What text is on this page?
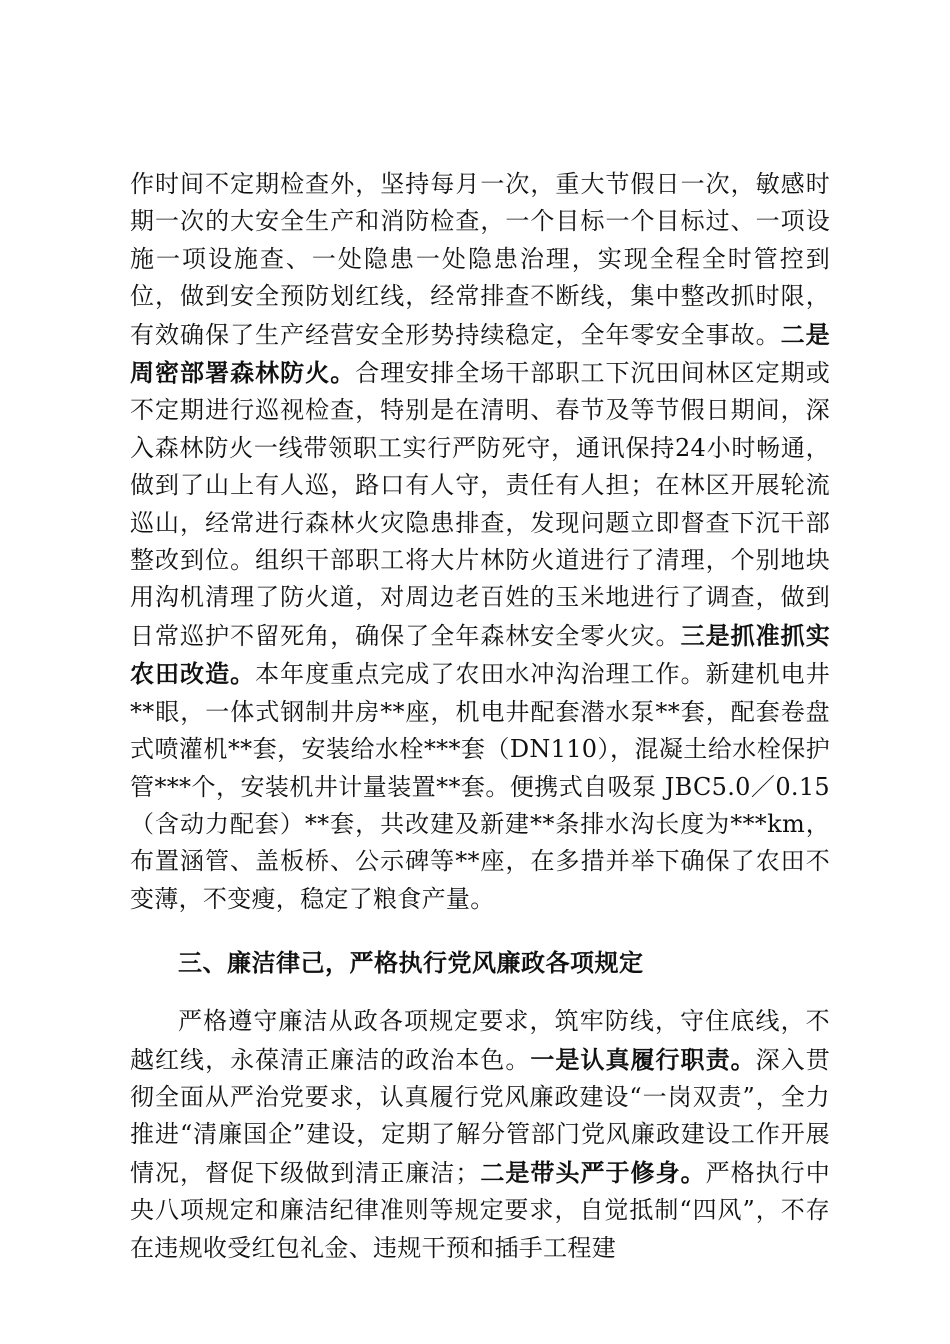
作时间不定期检查外，坚持每月一次，重大节假日一次，敏感时期一次的大安全生产和消防检查，一个目标一个目标过、一项设施一项设施查、一处隐患一处隐患治理，实现全程全时管控到位，做到安全预防划红线，经常排查不断线，集中整改抓时限，有效确保了生产经营安全形势持续稳定，全年零安全事故。二是周密部署森林防火。合理安排全场干部职工下沉田间林区定期或不定期进行巡视检查，特别是在清明、春节及等节假日期间，深入森林防火一线带领职工实行严防死守，通讯保持24小时畅通，做到了山上有人巡，路口有人守，责任有人担；在林区开展轮流巡山，经常进行森林火灾隐患排查，发现问题立即督查下沉干部整改到位。组织干部职工将大片林防火道进行了清理，个别地块用沟机清理了防火道，对周边老百姓的玉米地进行了调查，做到日常巡护不留死角，确保了全年森林安全零火灾。三是抓准抓实农田改造。本年度重点完成了农田水冲沟治理工作。新建机电井**眼，一体式钢制井房**座，机电井配套潜水泵**套，配套卷盘式喷灌机**套，安装给水栓***套（DN110），混凝土给水栓保护管***个，安装机井计量装置**套。便携式自吸泵 JBC5.0／0.15（含动力配套）**套，共改建及新建**条排水沟长度为***km，布置涵管、盖板桥、公示碑等**座，在多措并举下确保了农田不变薄，不变瘦，稳定了粮食产量。

三、廉洁律己，严格执行党风廉政各项规定

严格遵守廉洁从政各项规定要求，筑牢防线，守住底线，不越红线，永葆清正廉洁的政治本色。一是认真履行职责。深入贯彻全面从严治党要求，认真履行党风廉政建设“一岗双责”，全力推进“清廉国企”建设，定期了解分管部门党风廉政建设工作开展情况，督促下级做到清正廉洁；二是带头严于修身。严格执行中央八项规定和廉洁纪律准则等规定要求，自觉抵制“四风”，不存在违规收受红包礼金、违规干预和插手工程建
